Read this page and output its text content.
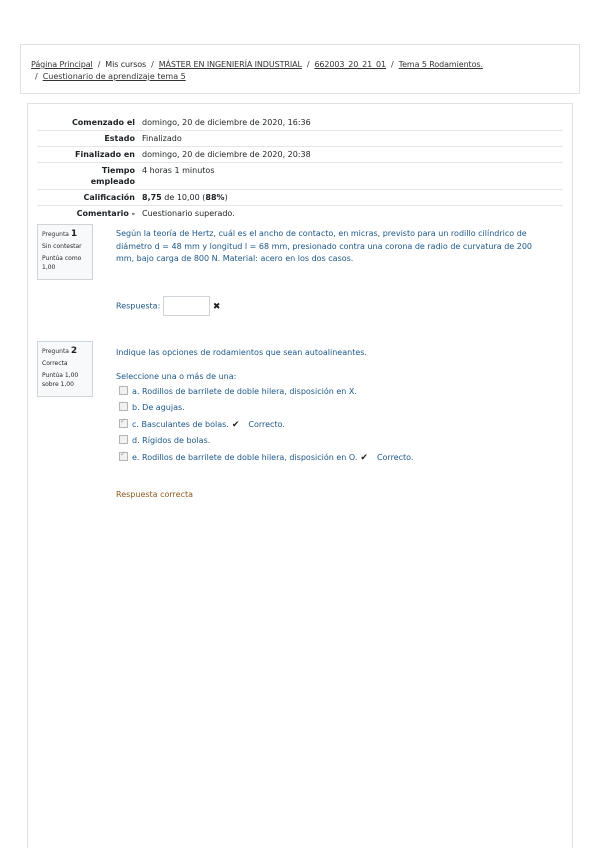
Página Principal / Mis cursos / MÁSTER EN INGENIERÍA INDUSTRIAL / 662003_20_21_01 / Tema 5 Rodamientos.
/ Cuestionario de aprendizaje tema 5
Comenzado el	domingo, 20 de diciembre de 2020, 16:36
Estado	Finalizado
Finalizado en	domingo, 20 de diciembre de 2020, 20:38
Tiempo empleado	4 horas 1 minutos
Calificación	8,75 de 10,00 (88%)
Comentario -	Cuestionario superado.
Pregunta 1
Sin contestar
Puntúa como 1,00
Según la teoría de Hertz, cuál es el ancho de contacto, en micras, previsto para un rodillo cilíndrico de diámetro d = 48 mm y longitud l = 68 mm, presionado contra una corona de radio de curvatura de 200 mm, bajo carga de 800 N. Material: acero en los dos casos.
Respuesta:	✖
Pregunta 2
Correcta
Puntúa 1,00 sobre 1,00
Indique las opciones de rodamientos que sean autoalineantes.
Seleccione una o más de una:
a. Rodillos de barrilete de doble hilera, disposición en X.
b. De agujas.
✓c. Basculantes de bolas. ✔ Correcto.
d. Rígidos de bolas.
✓e. Rodillos de barrilete de doble hilera, disposición en O. ✔ Correcto.
Respuesta correcta
